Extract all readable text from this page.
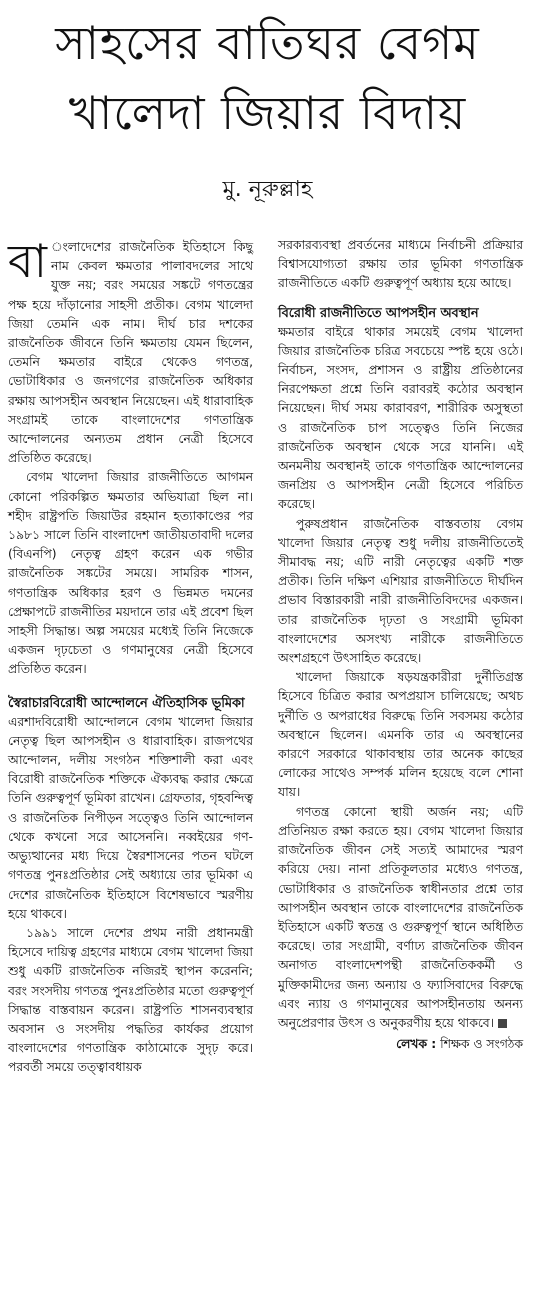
সাহসের বাতিঘর বেগম
খালেদা জিয়ার বিদায়
মু. নূরুল্লাহ

বা ংলাদেশের রাজনৈতিক ইতিহাসে কিছু নাম কেবল ক্ষমতার পালাবদলের সাথে যুক্ত নয়; বরং সময়ের সঙ্কটে গণতন্ত্রের পক্ষ হয়ে দাঁড়ানোর সাহসী প্রতীক। বেগম খালেদা জিয়া তেমনি এক নাম। দীর্ঘ চার দশকের রাজনৈতিক জীবনে তিনি ক্ষমতায় যেমন ছিলেন, তেমনি ক্ষমতার বাইরে থেকেও গণতন্ত্র, ভোটাধিকার ও জনগণের রাজনৈতিক অধিকার রক্ষায় আপসহীন অবস্থান নিয়েছেন। এই ধারাবাহিক সংগ্রামই তাকে বাংলাদেশের গণতান্ত্রিক আন্দোলনের অন্যতম প্রধান নেত্রী হিসেবে প্রতিষ্ঠিত করেছে।

বেগম খালেদা জিয়ার রাজনীতিতে আগমন কোনো পরিকল্পিত ক্ষমতার অভিযাত্রা ছিল না। শহীদ রাষ্ট্রপতি জিয়াউর রহমান হত্যাকাণ্ডের পর ১৯৮১ সালে তিনি বাংলাদেশ জাতীয়তাবাদী দলের (বিএনপি) নেতৃত্ব গ্রহণ করেন এক গভীর রাজনৈতিক সঙ্কটের সময়ে। সামরিক শাসন, গণতান্ত্রিক অধিকার হরণ ও ভিন্নমত দমনের প্রেক্ষাপটে রাজনীতির ময়দানে তার এই প্রবেশ ছিল সাহসী সিদ্ধান্ত। অল্প সময়ের মধ্যেই তিনি নিজেকে একজন দৃঢ়চেতা ও গণমানুষের নেত্রী হিসেবে প্রতিষ্ঠিত করেন।

স্বৈরাচারবিরোধী আন্দোলনে ঐতিহাসিক ভূমিকা

এরশাদবিরোধী আন্দোলনে বেগম খালেদা জিয়ার নেতৃত্ব ছিল আপসহীন ও ধারাবাহিক। রাজপথের আন্দোলন, দলীয় সংগঠন শক্তিশালী করা এবং বিরোধী রাজনৈতিক শক্তিকে ঐক্যবদ্ধ করার ক্ষেত্রে তিনি গুরুত্বপূর্ণ ভূমিকা রাখেন। গ্রেফতার, গৃহবন্দিত্ব ও রাজনৈতিক নিপীড়ন সত্ত্বেও তিনি আন্দোলন থেকে কখনো সরে আসেননি। নব্বইয়ের গণ-অভ্যুত্থানের মধ্য দিয়ে স্বৈরশাসনের পতন ঘটলে গণতন্ত্র পুনঃপ্রতিষ্ঠার সেই অধ্যায়ে তার ভূমিকা এ দেশের রাজনৈতিক ইতিহাসে বিশেষভাবে স্মরণীয় হয়ে থাকবে।

১৯৯১ সালে দেশের প্রথম নারী প্রধানমন্ত্রী হিসেবে দায়িত্ব গ্রহণের মাধ্যমে বেগম খালেদা জিয়া শুধু একটি রাজনৈতিক নজিরই স্থাপন করেননি; বরং সংসদীয় গণতন্ত্র পুনঃপ্রতিষ্ঠার মতো গুরুত্বপূর্ণ সিদ্ধান্ত বাস্তবায়ন করেন। রাষ্ট্রপতি শাসনব্যবস্থার অবসান ও সংসদীয় পদ্ধতির কার্যকর প্রয়োগ বাংলাদেশের গণতান্ত্রিক কাঠামোকে সুদৃঢ় করে। পরবর্তী সময়ে তত্ত্বাবধায়ক

সরকারব্যবস্থা প্রবর্তনের মাধ্যমে নির্বাচনী প্রক্রিয়ার বিশ্বাসযোগ্যতা রক্ষায় তার ভূমিকা গণতান্ত্রিক রাজনীতিতে একটি গুরুত্বপূর্ণ অধ্যায় হয়ে আছে।

বিরোধী রাজনীতিতে আপসহীন অবস্থান

ক্ষমতার বাইরে থাকার সময়েই বেগম খালেদা জিয়ার রাজনৈতিক চরিত্র সবচেয়ে স্পষ্ট হয়ে ওঠে। নির্বাচন, সংসদ, প্রশাসন ও রাষ্ট্রীয় প্রতিষ্ঠানের নিরপেক্ষতা প্রশ্নে তিনি বরাবরই কঠোর অবস্থান নিয়েছেন। দীর্ঘ সময় কারাবরণ, শারীরিক অসুস্থতা ও রাজনৈতিক চাপ সত্ত্বেও তিনি নিজের রাজনৈতিক অবস্থান থেকে সরে যাননি। এই অনমনীয় অবস্থানই তাকে গণতান্ত্রিক আন্দোলনের জনপ্রিয় ও আপসহীন নেত্রী হিসেবে পরিচিত করেছে।

পুরুষপ্রধান রাজনৈতিক বাস্তবতায় বেগম খালেদা জিয়ার নেতৃত্ব শুধু দলীয় রাজনীতিতেই সীমাবদ্ধ নয়; এটি নারী নেতৃত্বের একটি শক্ত প্রতীক। তিনি দক্ষিণ এশিয়ার রাজনীতিতে দীর্ঘদিন প্রভাব বিস্তারকারী নারী রাজনীতিবিদদের একজন। তার রাজনৈতিক দৃঢ়তা ও সংগ্রামী ভূমিকা বাংলাদেশের অসংখ্য নারীকে রাজনীতিতে অংশগ্রহণে উৎসাহিত করেছে।

খালেদা জিয়াকে ষড়যন্ত্রকারীরা দুর্নীতিগ্রস্ত হিসেবে চিত্রিত করার অপপ্রয়াস চালিয়েছে; অথচ দুর্নীতি ও অপরাধের বিরুদ্ধে তিনি সবসময় কঠোর অবস্থানে ছিলেন। এমনকি তার এ অবস্থানের কারণে সরকারে থাকাবস্থায় তার অনেক কাছের লোকের সাথেও সম্পর্ক মলিন হয়েছে বলে শোনা যায়।

গণতন্ত্র কোনো স্থায়ী অর্জন নয়; এটি প্রতিনিয়ত রক্ষা করতে হয়। বেগম খালেদা জিয়ার রাজনৈতিক জীবন সেই সত্যই আমাদের স্মরণ করিয়ে দেয়। নানা প্রতিকূলতার মধ্যেও গণতন্ত্র, ভোটাধিকার ও রাজনৈতিক স্বাধীনতার প্রশ্নে তার আপসহীন অবস্থান তাকে বাংলাদেশের রাজনৈতিক ইতিহাসে একটি স্বতন্ত্র ও গুরুত্বপূর্ণ স্থানে অধিষ্ঠিত করেছে। তার সংগ্রামী, বর্ণাঢ্য রাজনৈতিক জীবন অনাগত বাংলাদেশপন্থী রাজনৈতিককর্মী ও মুক্তিকামীদের জন্য অন্যায় ও ফ্যাসিবাদের বিরুদ্ধে এবং ন্যায় ও গণমানুষের আপসহীনতায় অনন্য অনুপ্রেরণার উৎস ও অনুকরণীয় হয়ে থাকবে।

লেখক : শিক্ষক ও সংগঠক
